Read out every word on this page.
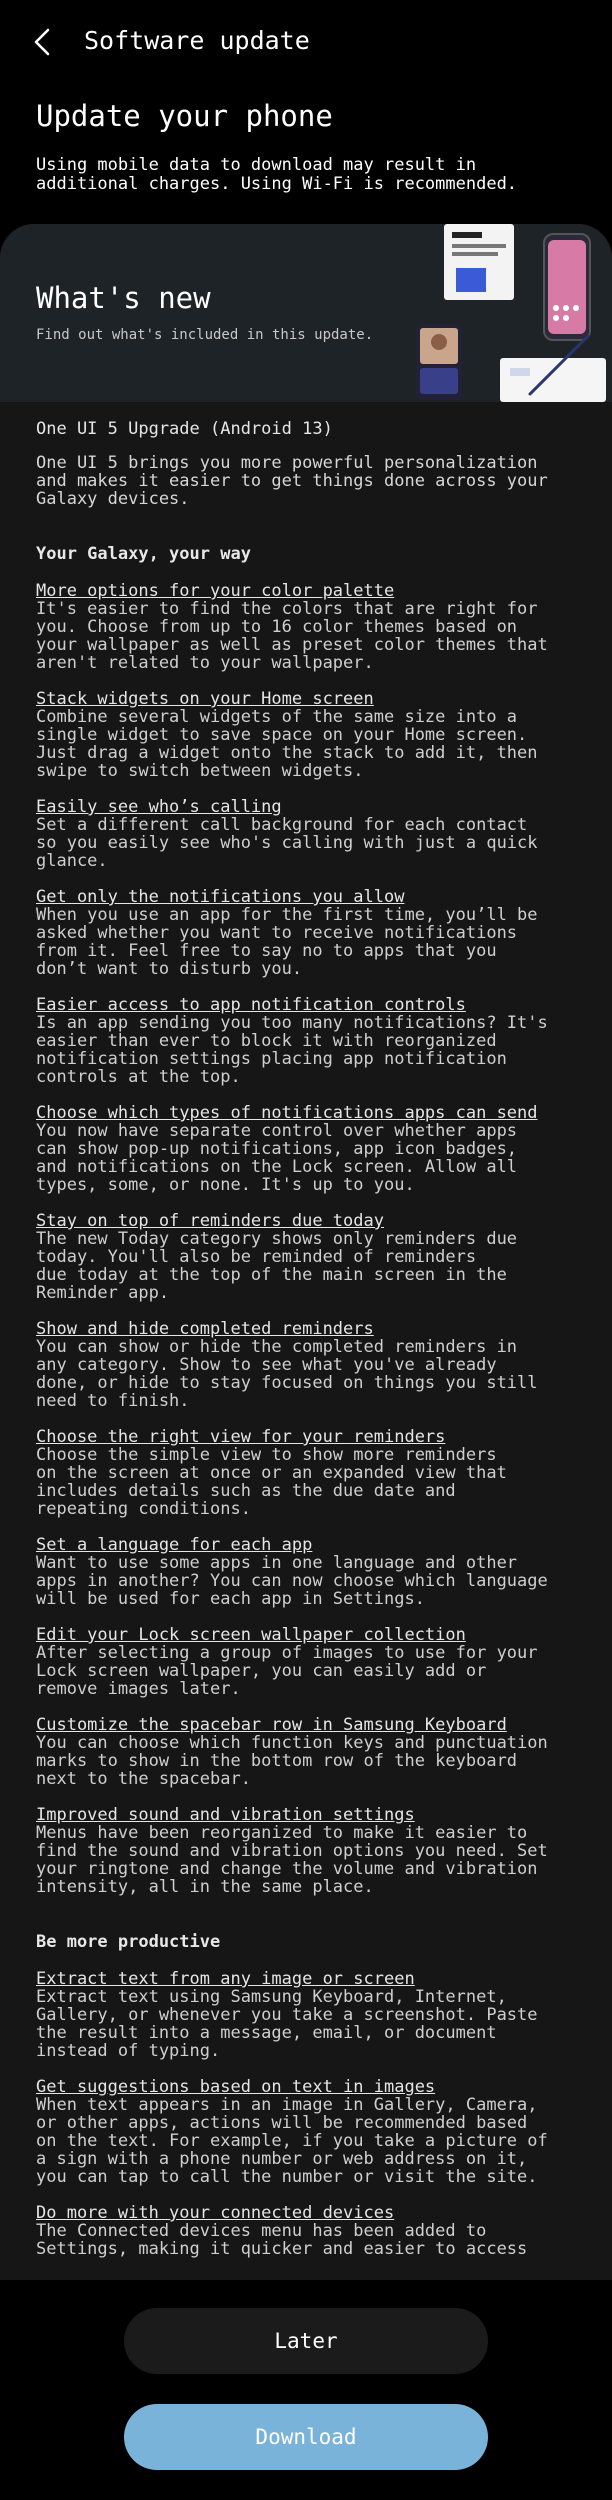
Software update
Update your phone
Using mobile data to download may result in
additional charges. Using Wi-Fi is recommended.
What's new
Find out what's included in this update.
One UI 5 Upgrade (Android 13)
One UI 5 brings you more powerful personalization
and makes it easier to get things done across your
Galaxy devices.
Your Galaxy, your way
More options for your color palette
It's easier to find the colors that are right for
you. Choose from up to 16 color themes based on
your wallpaper as well as preset color themes that
aren't related to your wallpaper.
Stack widgets on your Home screen
Combine several widgets of the same size into a
single widget to save space on your Home screen.
Just drag a widget onto the stack to add it, then
swipe to switch between widgets.
Easily see who’s calling
Set a different call background for each contact
so you easily see who's calling with just a quick
glance.
Get only the notifications you allow
When you use an app for the first time, you’ll be
asked whether you want to receive notifications
from it. Feel free to say no to apps that you
don’t want to disturb you.
Easier access to app notification controls
Is an app sending you too many notifications? It's
easier than ever to block it with reorganized
notification settings placing app notification
controls at the top.
Choose which types of notifications apps can send
You now have separate control over whether apps
can show pop-up notifications, app icon badges,
and notifications on the Lock screen. Allow all
types, some, or none. It's up to you.
Stay on top of reminders due today
The new Today category shows only reminders due
today. You'll also be reminded of reminders
due today at the top of the main screen in the
Reminder app.
Show and hide completed reminders
You can show or hide the completed reminders in
any category. Show to see what you've already
done, or hide to stay focused on things you still
need to finish.
Choose the right view for your reminders
Choose the simple view to show more reminders
on the screen at once or an expanded view that
includes details such as the due date and
repeating conditions.
Set a language for each app
Want to use some apps in one language and other
apps in another? You can now choose which language
will be used for each app in Settings.
Edit your Lock screen wallpaper collection
After selecting a group of images to use for your
Lock screen wallpaper, you can easily add or
remove images later.
Customize the spacebar row in Samsung Keyboard
You can choose which function keys and punctuation
marks to show in the bottom row of the keyboard
next to the spacebar.
Improved sound and vibration settings
Menus have been reorganized to make it easier to
find the sound and vibration options you need. Set
your ringtone and change the volume and vibration
intensity, all in the same place.
Be more productive
Extract text from any image or screen
Extract text using Samsung Keyboard, Internet,
Gallery, or whenever you take a screenshot. Paste
the result into a message, email, or document
instead of typing.
Get suggestions based on text in images
When text appears in an image in Gallery, Camera,
or other apps, actions will be recommended based
on the text. For example, if you take a picture of
a sign with a phone number or web address on it,
you can tap to call the number or visit the site.
Do more with your connected devices
The Connected devices menu has been added to
Settings, making it quicker and easier to access
Later
Download
